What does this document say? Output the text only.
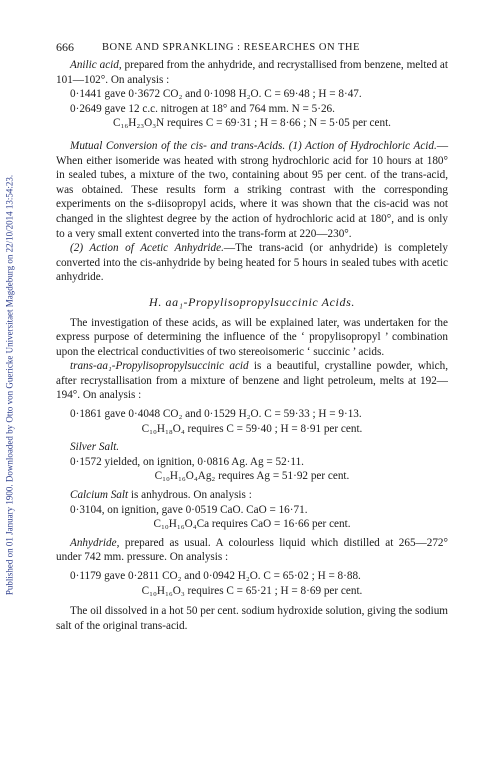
Published on 01 January 1900. Downloaded by Otto von Guericke Universitaet Magdeburg on 22/10/2014 13:54:23.
666	BONE AND SPRANKLING : RESEARCHES ON THE

Anilic acid, prepared from the anhydride, and recrystallised from benzene, melted at 101—102°. On analysis :

0·1441 gave 0·3672 CO₂ and 0·1098 H₂O. C = 69·48 ; H = 8·47.

0·2649 gave 12 c.c. nitrogen at 18° and 764 mm. N = 5·26.

C₁₆H₂₃O₃N requires C = 69·31 ; H = 8·66 ; N = 5·05 per cent.

Mutual Conversion of the cis- and trans-Acids. (1) Action of Hydrochloric Acid.—When either isomeride was heated with strong hydrochloric acid for 10 hours at 180° in sealed tubes, a mixture of the two, containing about 95 per cent. of the trans-acid, was obtained. These results form a striking contrast with the corresponding experiments on the s-diisopropyl acids, where it was shown that the cis-acid was not changed in the slightest degree by the action of hydrochloric acid at 180°, and is only to a very small extent converted into the trans-form at 220—230°.

(2) Action of Acetic Anhydride.—The trans-acid (or anhydride) is completely converted into the cis-anhydride by being heated for 5 hours in sealed tubes with acetic anhydride.

H. aa₁-Propylisopropylsuccinic Acids.

The investigation of these acids, as will be explained later, was undertaken for the express purpose of determining the influence of the ‘ propylisopropyl ’ combination upon the electrical conductivities of two stereoisomeric ‘ succinic ’ acids.

trans-aa₁-Propylisopropylsuccinic acid is a beautiful, crystalline powder, which, after recrystallisation from a mixture of benzene and light petroleum, melts at 192—194°. On analysis :

0·1861 gave 0·4048 CO₂ and 0·1529 H₂O. C = 59·33 ; H = 9·13.

C₁₀H₁₈O₄ requires C = 59·40 ; H = 8·91 per cent.

Silver Salt.

0·1572 yielded, on ignition, 0·0816 Ag. Ag = 52·11.

C₁₀H₁₆O₄Ag₂ requires Ag = 51·92 per cent.

Calcium Salt is anhydrous. On analysis :

0·3104, on ignition, gave 0·0519 CaO. CaO = 16·71.

C₁₀H₁₆O₄Ca requires CaO = 16·66 per cent.

Anhydride, prepared as usual. A colourless liquid which distilled at 265—272° under 742 mm. pressure. On analysis :

0·1179 gave 0·2811 CO₂ and 0·0942 H₂O. C = 65·02 ; H = 8·88.

C₁₀H₁₆O₃ requires C = 65·21 ; H = 8·69 per cent.

The oil dissolved in a hot 50 per cent. sodium hydroxide solution, giving the sodium salt of the original trans-acid.
